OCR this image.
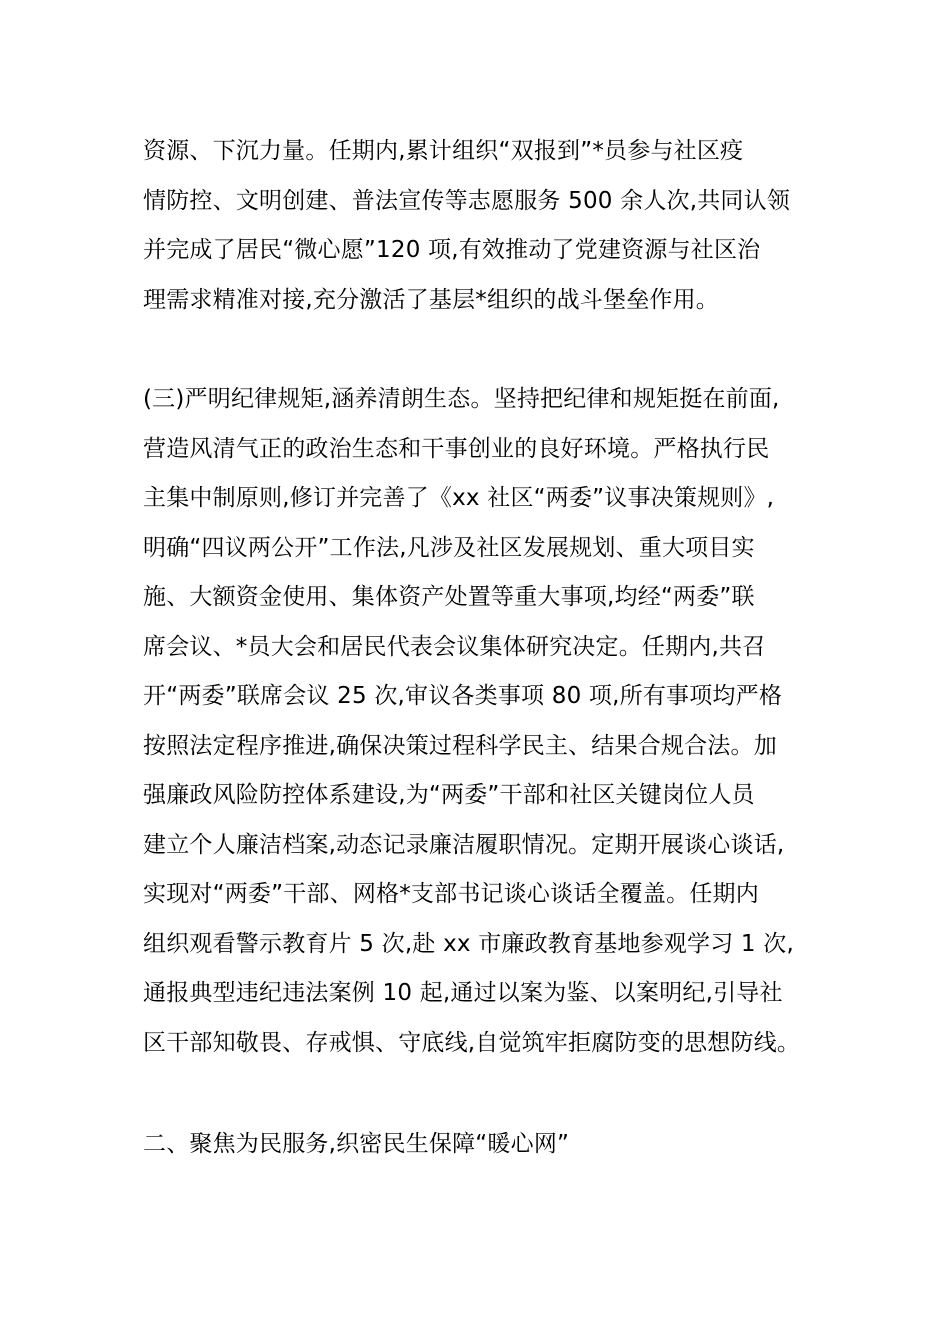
资源、下沉力量。任期内,累计组织“双报到”*员参与社区疫
情防控、文明创建、普法宣传等志愿服务 500 余人次,共同认领
并完成了居民“微心愿”120 项,有效推动了党建资源与社区治
理需求精准对接,充分激活了基层*组织的战斗堡垒作用。
(三)严明纪律规矩,涵养清朗生态。坚持把纪律和规矩挺在前面,
营造风清气正的政治生态和干事创业的良好环境。严格执行民
主集中制原则,修订并完善了《xx 社区“两委”议事决策规则》,
明确“四议两公开”工作法,凡涉及社区发展规划、重大项目实
施、大额资金使用、集体资产处置等重大事项,均经“两委”联
席会议、*员大会和居民代表会议集体研究决定。任期内,共召
开“两委”联席会议 25 次,审议各类事项 80 项,所有事项均严格
按照法定程序推进,确保决策过程科学民主、结果合规合法。加
强廉政风险防控体系建设,为“两委”干部和社区关键岗位人员
建立个人廉洁档案,动态记录廉洁履职情况。定期开展谈心谈话,
实现对“两委”干部、网格*支部书记谈心谈话全覆盖。任期内
组织观看警示教育片 5 次,赴 xx 市廉政教育基地参观学习 1 次,
通报典型违纪违法案例 10 起,通过以案为鉴、以案明纪,引导社
区干部知敬畏、存戒惧、守底线,自觉筑牢拒腐防变的思想防线。
二、聚焦为民服务,织密民生保障“暖心网”
